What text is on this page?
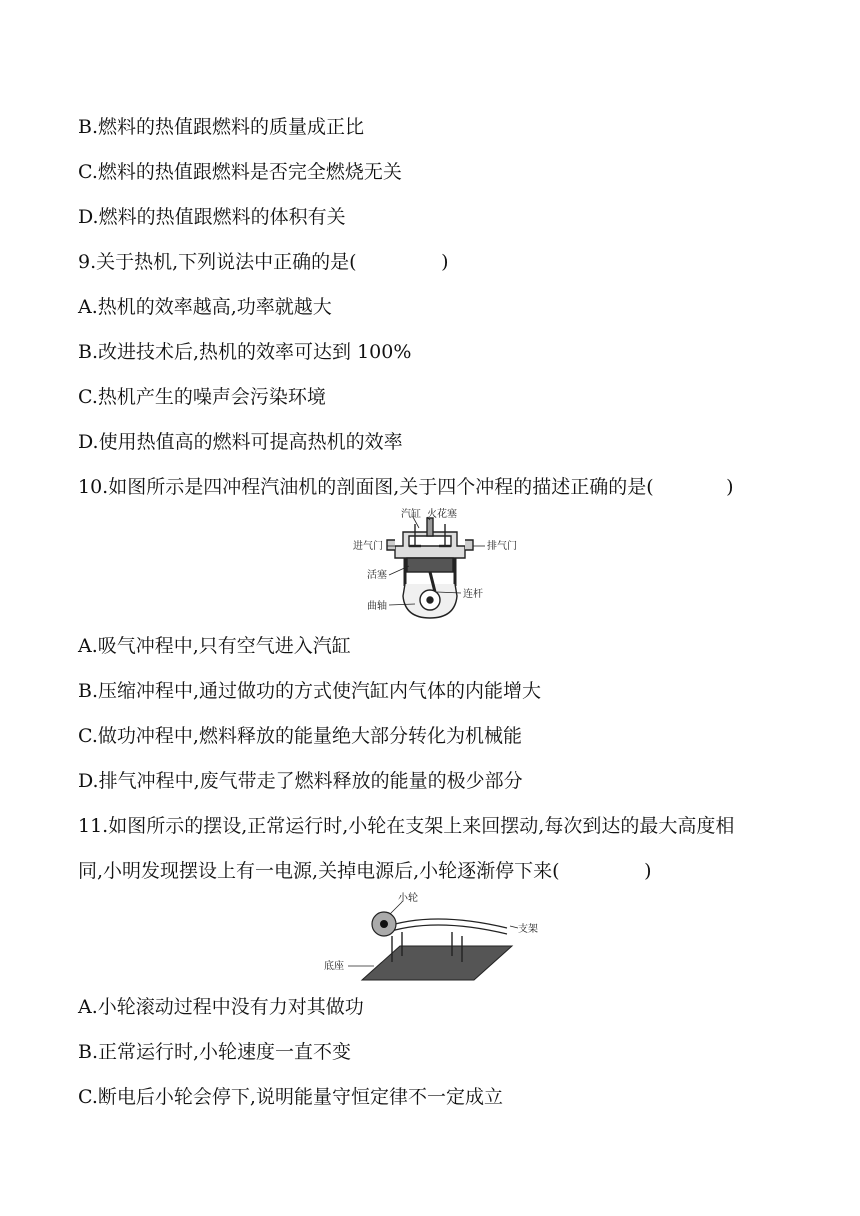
B.燃料的热值跟燃料的质量成正比
C.燃料的热值跟燃料是否完全燃烧无关
D.燃料的热值跟燃料的体积有关
9.关于热机,下列说法中正确的是(              )
A.热机的效率越高,功率就越大
B.改进技术后,热机的效率可达到 100%
C.热机产生的噪声会污染环境
D.使用热值高的燃料可提高热机的效率
10.如图所示是四冲程汽油机的剖面图,关于四个冲程的描述正确的是(            )
汽缸 火花塞
进气门	排气门
活塞
连杆
曲轴
A.吸气冲程中,只有空气进入汽缸
B.压缩冲程中,通过做功的方式使汽缸内气体的内能增大
C.做功冲程中,燃料释放的能量绝大部分转化为机械能
D.排气冲程中,废气带走了燃料释放的能量的极少部分
11.如图所示的摆设,正常运行时,小轮在支架上来回摆动,每次到达的最大高度相
同,小明发现摆设上有一电源,关掉电源后,小轮逐渐停下来(              )
小轮
支架
底座
A.小轮滚动过程中没有力对其做功
B.正常运行时,小轮速度一直不变
C.断电后小轮会停下,说明能量守恒定律不一定成立
